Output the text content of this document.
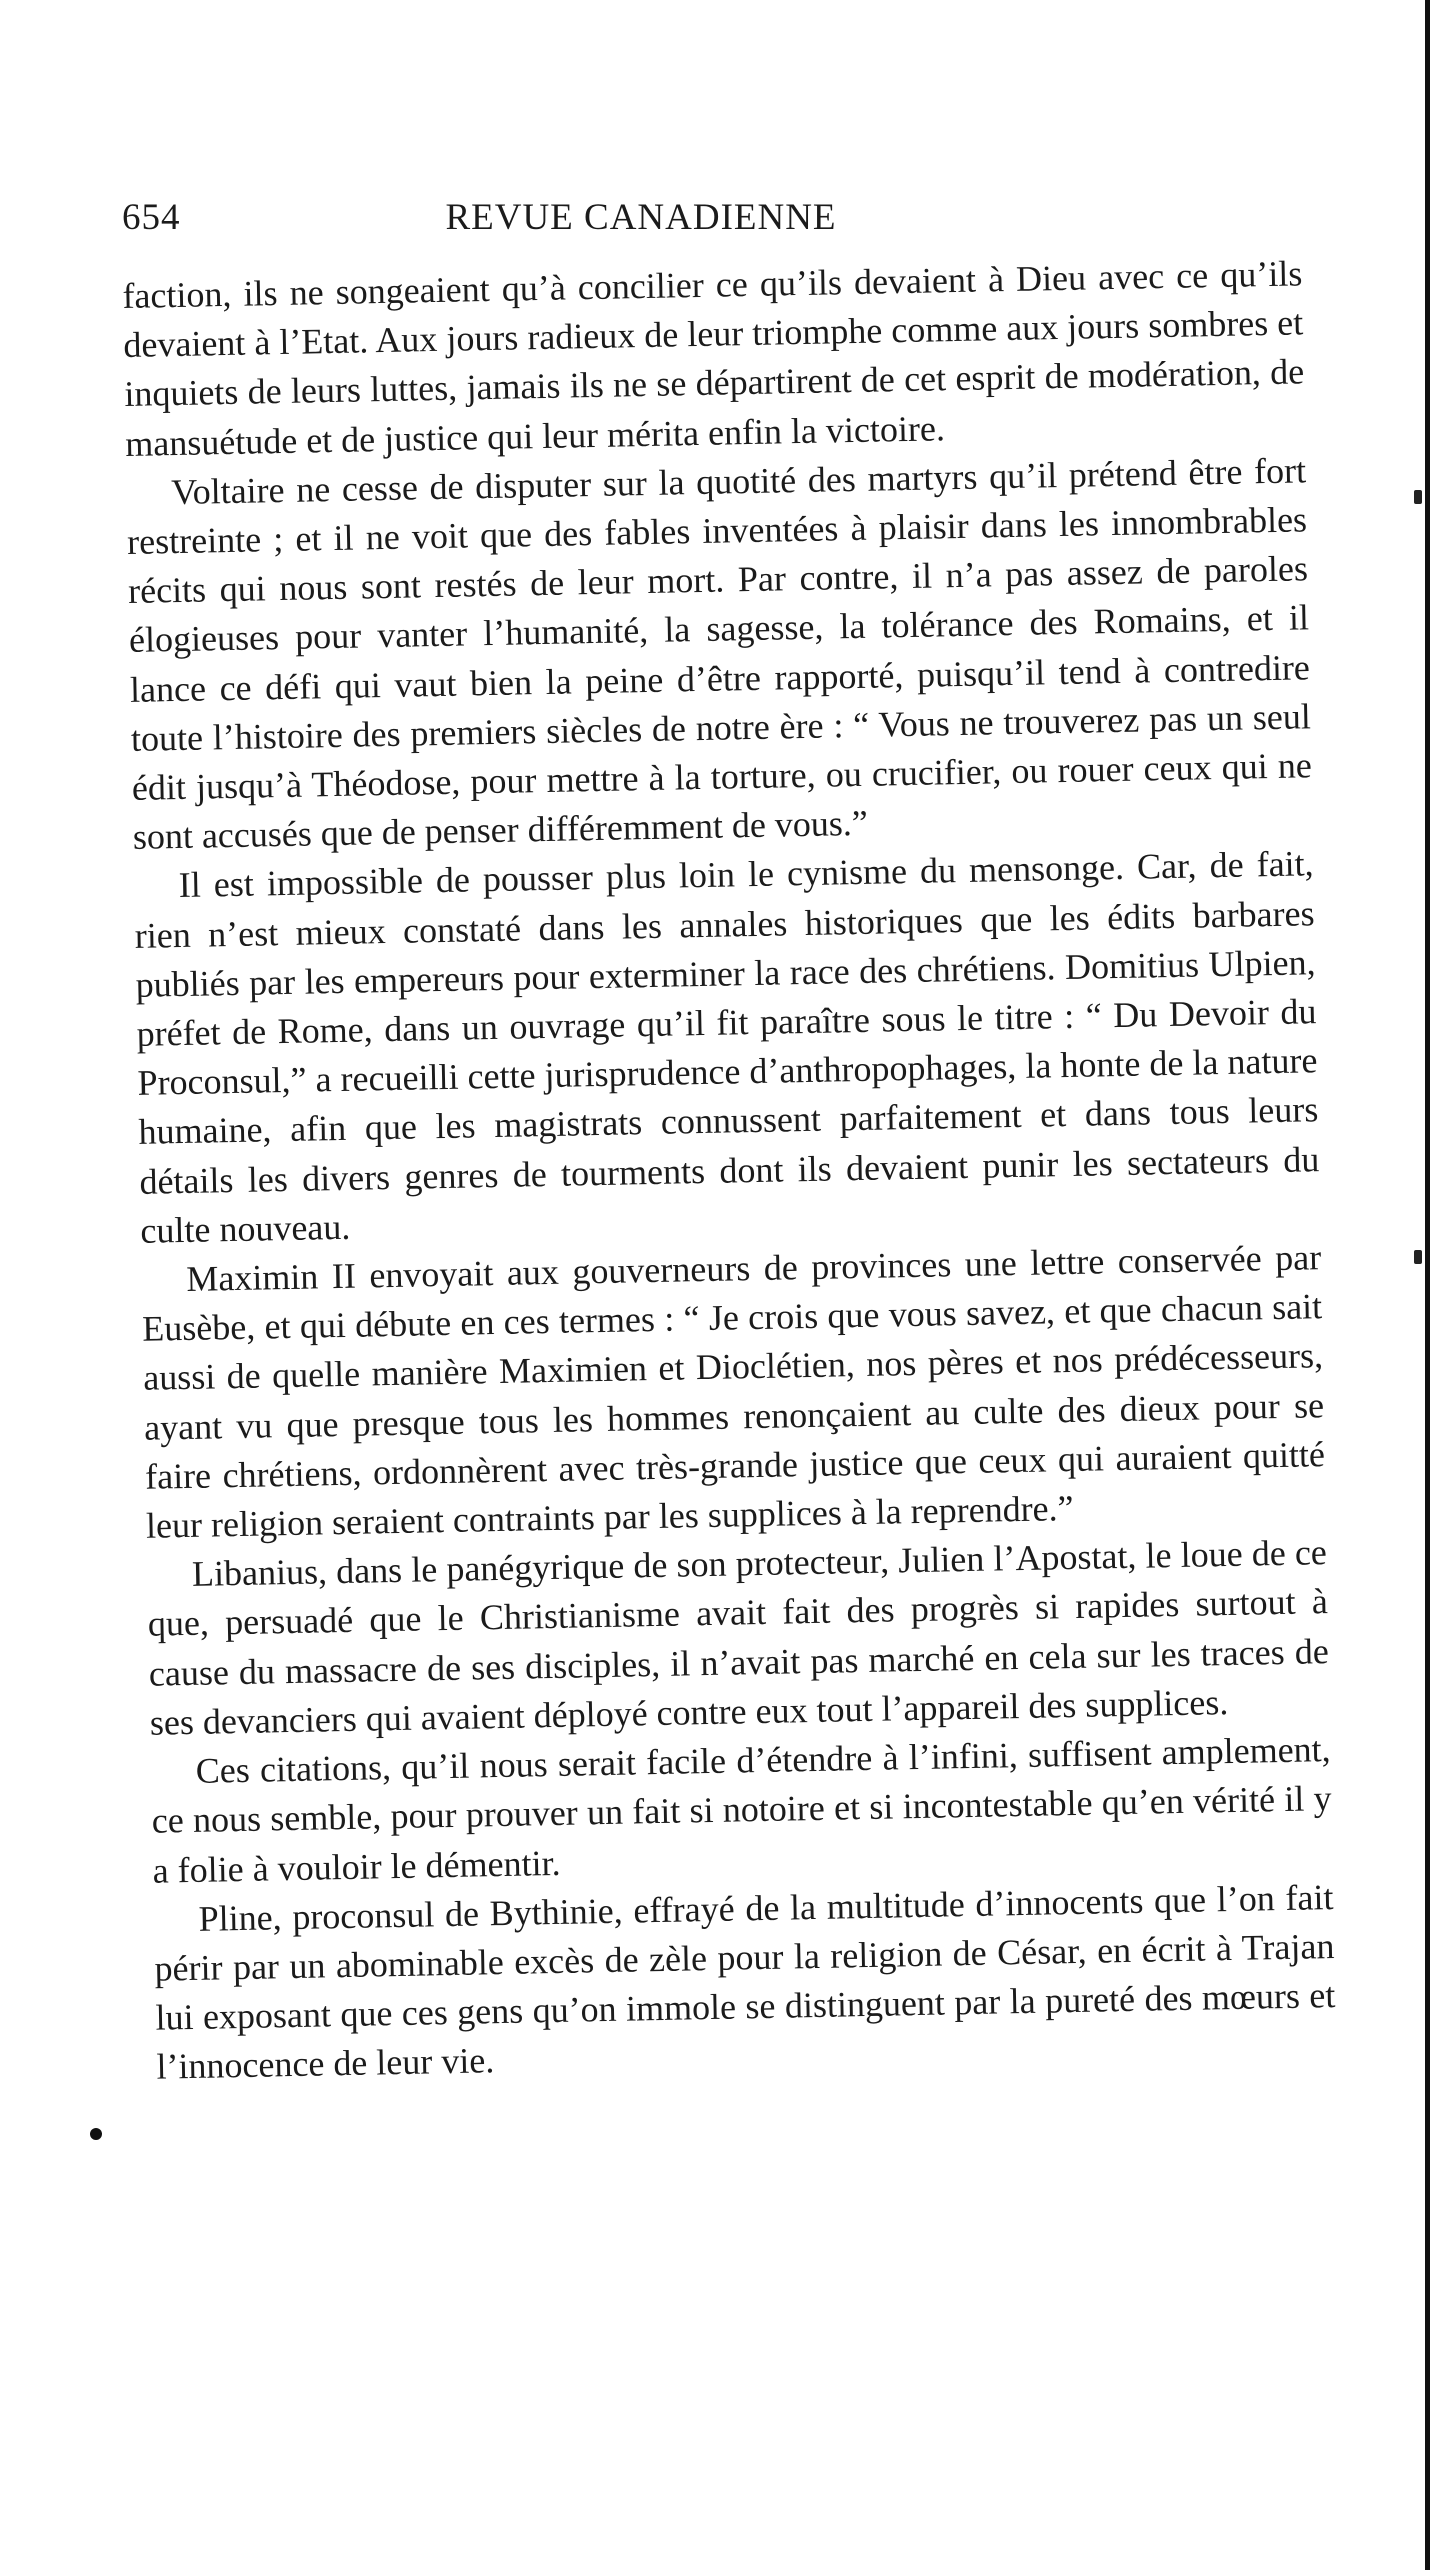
654	REVUE CANADIENNE

faction, ils ne songeaient qu’à concilier ce qu’ils devaient à Dieu avec ce qu’ils devaient à l’Etat. Aux jours radieux de leur triomphe comme aux jours sombres et inquiets de leurs luttes, jamais ils ne se départirent de cet esprit de modération, de mansuétude et de justice qui leur mérita enfin la victoire.

Voltaire ne cesse de disputer sur la quotité des martyrs qu’il prétend être fort restreinte ; et il ne voit que des fables inventées à plaisir dans les innombrables récits qui nous sont restés de leur mort. Par contre, il n’a pas assez de paroles élogieuses pour vanter l’humanité, la sagesse, la tolérance des Romains, et il lance ce défi qui vaut bien la peine d’être rapporté, puisqu’il tend à contredire toute l’histoire des premiers siècles de notre ère : “ Vous ne trouverez pas un seul édit jusqu’à Théodose, pour mettre à la torture, ou crucifier, ou rouer ceux qui ne sont accusés que de penser différemment de vous.”

Il est impossible de pousser plus loin le cynisme du mensonge. Car, de fait, rien n’est mieux constaté dans les annales historiques que les édits barbares publiés par les empereurs pour exterminer la race des chrétiens. Domitius Ulpien, préfet de Rome, dans un ouvrage qu’il fit paraître sous le titre : “ Du Devoir du Proconsul,” a recueilli cette jurisprudence d’anthropophages, la honte de la nature humaine, afin que les magistrats connussent parfaitement et dans tous leurs détails les divers genres de tourments dont ils devaient punir les sectateurs du culte nouveau.

Maximin II envoyait aux gouverneurs de provinces une lettre conservée par Eusèbe, et qui débute en ces termes : “ Je crois que vous savez, et que chacun sait aussi de quelle manière Maximien et Dioclétien, nos pères et nos prédécesseurs, ayant vu que presque tous les hommes renonçaient au culte des dieux pour se faire chrétiens, ordonnèrent avec très-grande justice que ceux qui auraient quitté leur religion seraient contraints par les supplices à la reprendre.”

Libanius, dans le panégyrique de son protecteur, Julien l’Apostat, le loue de ce que, persuadé que le Christianisme avait fait des progrès si rapides surtout à cause du massacre de ses disciples, il n’avait pas marché en cela sur les traces de ses devanciers qui avaient déployé contre eux tout l’appareil des supplices.

Ces citations, qu’il nous serait facile d’étendre à l’infini, suffisent amplement, ce nous semble, pour prouver un fait si notoire et si incontestable qu’en vérité il y a folie à vouloir le démentir.

Pline, proconsul de Bythinie, effrayé de la multitude d’innocents que l’on fait périr par un abominable excès de zèle pour la religion de César, en écrit à Trajan lui exposant que ces gens qu’on immole se distinguent par la pureté des mœurs et l’innocence de leur vie.
